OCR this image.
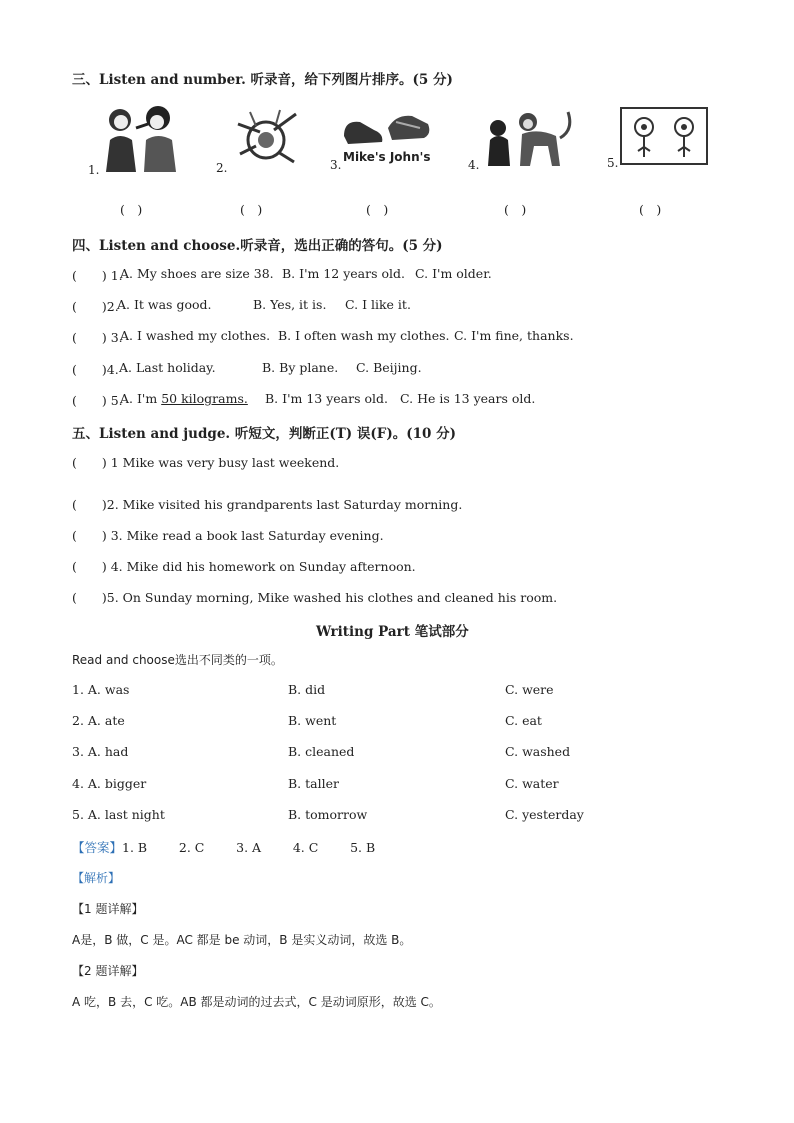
三、Listen and number. 听录音，给下列图片排序。(5 分)
1.	2.
Mike's John's
3.	4.	5.
(　)	(　)	(　)	(　)	(　)
四、Listen and choose.听录音，选出正确的答句。(5 分)
(　　) 1.
A. My shoes are size 38. B. I'm 12 years old. C. I'm older.
(　　)2.
A. It was good.	B. Yes, it is. C. I like it.
(　　) 3.
A. I washed my clothes. B. I often wash my clothes. C. I'm fine, thanks.
(　　)4. A. Last holiday.	B. By plane. C. Beijing.
(　　) 5.
A. I'm 50 kilograms. B. I'm 13 years old. C. He is 13 years old.
五、Listen and judge. 听短文，判断正(T) 误(F)。(10 分)
(　　) 1 Mike was very busy last weekend.
(　　)2. Mike visited his grandparents last Saturday morning.
(　　) 3. Mike read a book last Saturday evening.
(　　) 4. Mike did his homework on Sunday afternoon.
(　　)5. On Sunday morning, Mike washed his clothes and cleaned his room.
Writing Part 笔试部分
Read and choose选出不同类的一项。
1. A. was	B. did	C. were
2. A. ate	B. went	C. eat
3. A. had	B. cleaned	C. washed
4. A. bigger	B. taller	C. water
5. A. last night	B. tomorrow	C. yesterday
【答案】1. B        2. C        3. A        4. C        5. B
【解析】
【1 题详解】
A是，B 做，C 是。AC 都是 be 动词，B 是实义动词，故选 B。
【2 题详解】
A 吃，B 去，C 吃。AB 都是动词的过去式，C 是动词原形，故选 C。
